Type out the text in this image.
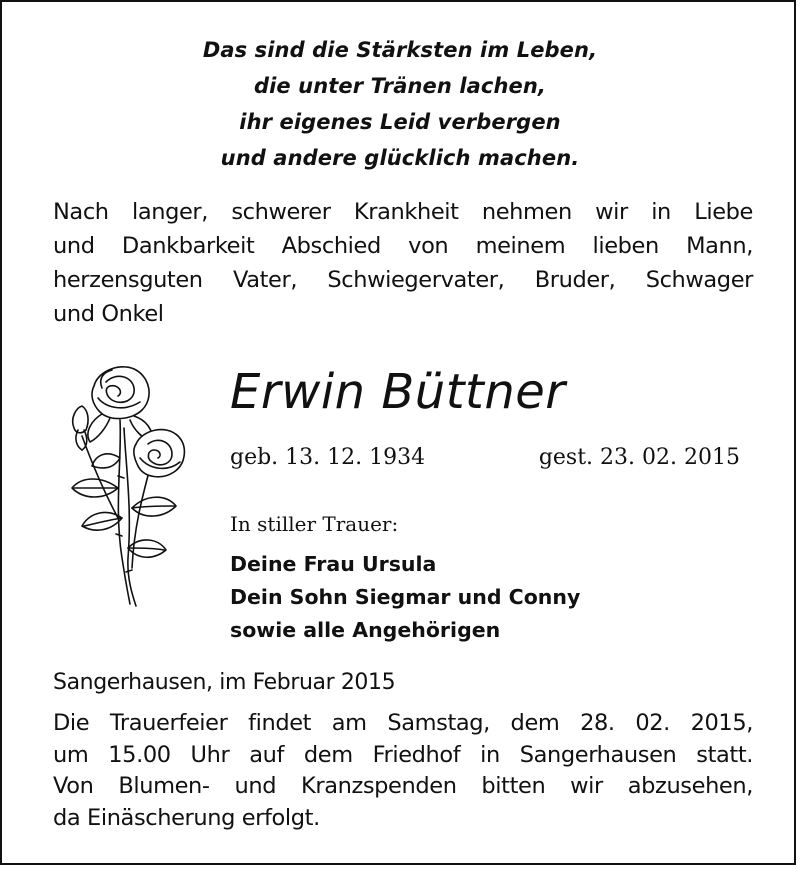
Das sind die Stärksten im Leben,
die unter Tränen lachen,
ihr eigenes Leid verbergen
und andere glücklich machen.
Nach langer, schwerer Krankheit nehmen wir in Liebe
und Dankbarkeit Abschied von meinem lieben Mann,
herzensguten Vater, Schwiegervater, Bruder, Schwager
und Onkel
Erwin Büttner
geb. 13. 12. 1934	gest. 23. 02. 2015
In stiller Trauer:
Deine Frau Ursula
Dein Sohn Siegmar und Conny
sowie alle Angehörigen
Sangerhausen, im Februar 2015
Die Trauerfeier findet am Samstag, dem 28. 02. 2015,
um 15.00 Uhr auf dem Friedhof in Sangerhausen statt.
Von Blumen- und Kranzspenden bitten wir abzusehen,
da Einäscherung erfolgt.
